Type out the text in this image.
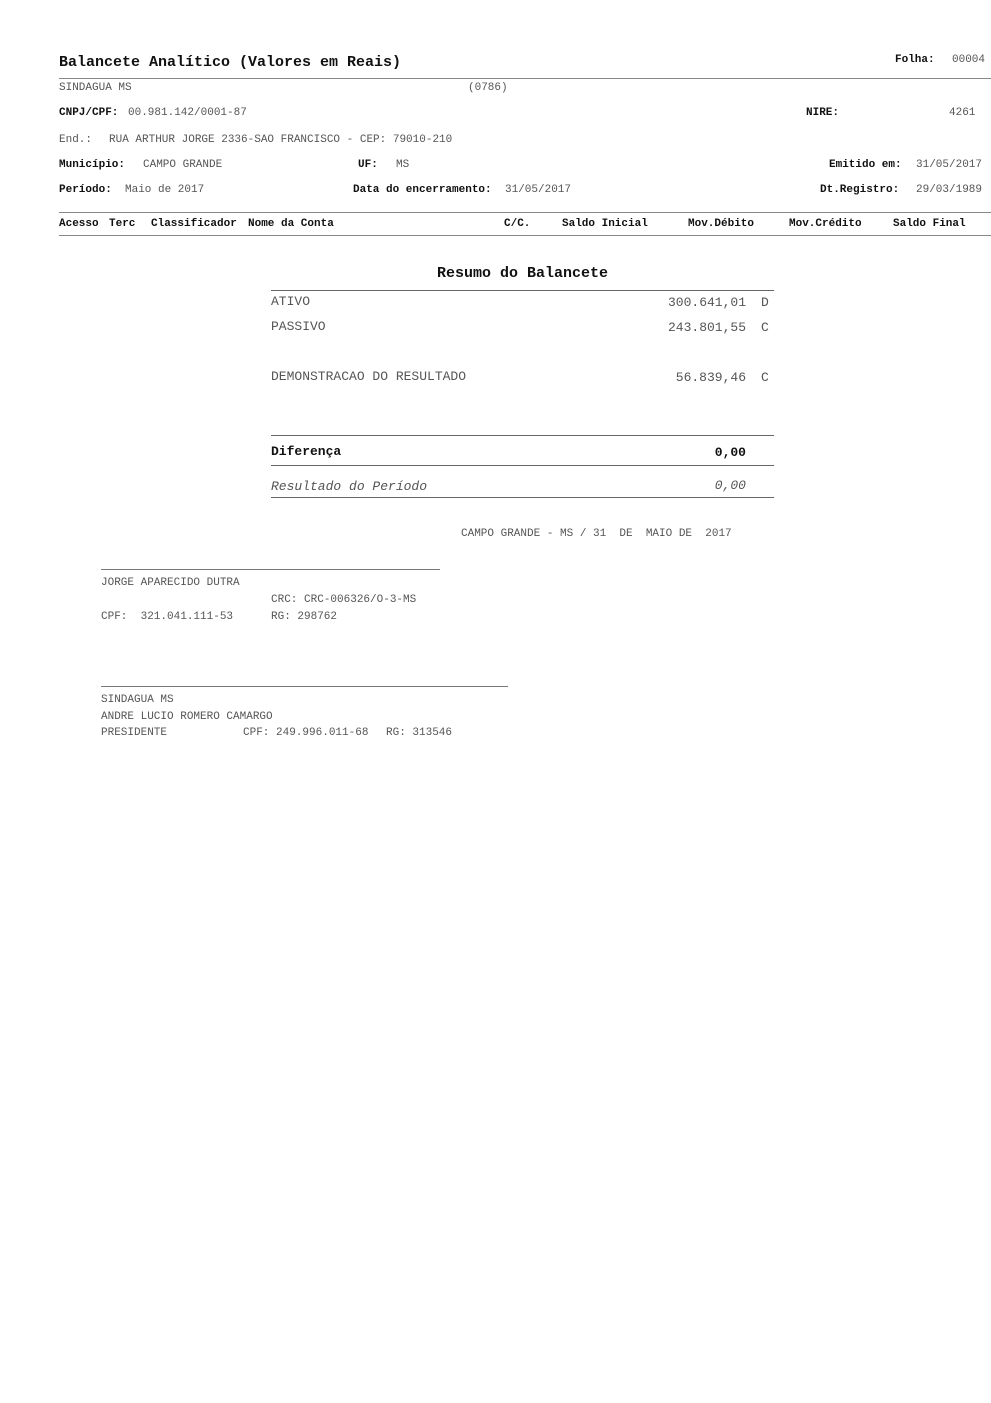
Balancete Analítico (Valores em Reais)	Folha: 00004
SINDAGUA MS	(0786)
CNPJ/CPF: 00.981.142/0001-87	NIRE:	4261
End.: RUA ARTHUR JORGE 2336-SAO FRANCISCO - CEP: 79010-210
Município: CAMPO GRANDE	UF: MS	Emitido em: 31/05/2017
Período: Maio de 2017	Data do encerramento: 31/05/2017	Dt.Registro: 29/03/1989
Acesso Terc Classificador Nome da Conta	C/C.	Saldo Inicial	Mov.Débito	Mov.Crédito	Saldo Final
Resumo do Balancete
ATIVO	300.641,01 D
PASSIVO	243.801,55 C
DEMONSTRACAO DO RESULTADO	56.839,46 C
Diferença	0,00
Resultado do Período	0,00
CAMPO GRANDE - MS / 31  DE  MAIO DE  2017
JORGE APARECIDO DUTRA
CRC: CRC-006326/O-3-MS
CPF:  321.041.111-53	RG: 298762
SINDAGUA MS
ANDRE LUCIO ROMERO CAMARGO
PRESIDENTE	CPF: 249.996.011-68 RG: 313546
